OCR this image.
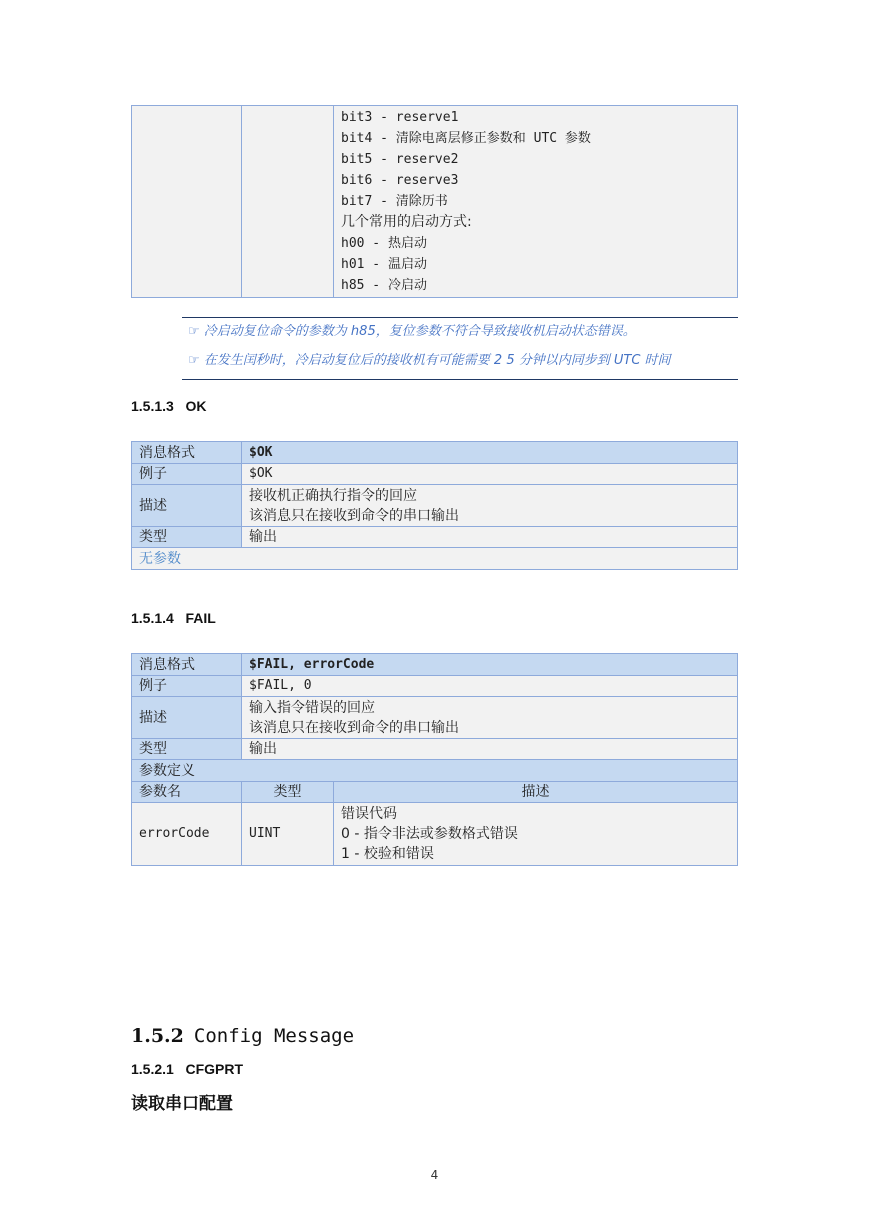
bit3 - reserve1
bit4 - 清除电离层修正参数和 UTC 参数
bit5 - reserve2
bit6 - reserve3
bit7 - 清除历书
几个常用的启动方式:
h00 - 热启动
h01 - 温启动
h85 - 冷启动
☞ 冷启动复位命令的参数为 h85，复位参数不符合导致接收机启动状态错误。
☞ 在发生闰秒时，冷启动复位后的接收机有可能需要 2 5 分钟以内同步到 UTC 时间
1.5.1.3 OK
消息格式	$OK
例子	$OK
描述	接收机正确执行指令的回应
该消息只在接收到命令的串口输出

类型	输出
无参数	
1.5.1.4 FAIL
消息格式	$FAIL, errorCode	
例子	$FAIL, 0	
描述	输入指令错误的回应
该消息只在接收到命令的串口输出	

类型	输出	
参数定义		
参数名	类型	描述
errorCode	UINT	错误代码
0 - 指令非法或参数格式错误
1 - 校验和错误
1.5.2 Config Message
1.5.2.1 CFGPRT
读取串口配置
4
